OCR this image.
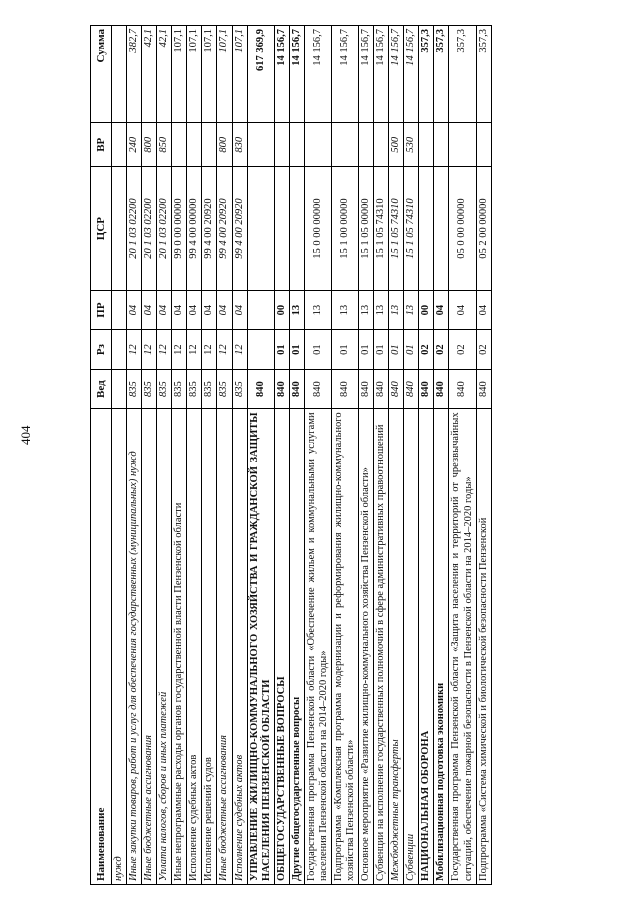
404
Наименование	Вед	Рз	ПР	ЦСР	ВР	Сумма
нужд						
Иные закупки товаров, работ и услуг для обеспечения государственных (муниципальных) нужд	835	12	04	20 1 03 02200	240	382,7
Иные бюджетные ассигнования	835	12	04	20 1 03 02200	800	42,1
Уплата налогов, сборов и иных платежей	835	12	04	20 1 03 02200	850	42,1
Иные непрограммные расходы органов государственной власти Пензенской области	835	12	04	99 0 00 00000		107,1
Исполнение судебных актов	835	12	04	99 4 00 00000		107,1
Исполнение решений судов	835	12	04	99 4 00 20920		107,1
Иные бюджетные ассигнования	835	12	04	99 4 00 20920	800	107,1
Исполнение судебных актов	835	12	04	99 4 00 20920	830	107,1
УПРАВЛЕНИЕ ЖИЛИЩНО-КОММУНАЛЬНОГО ХОЗЯЙСТВА И ГРАЖДАНСКОЙ ЗАЩИТЫ НАСЕЛЕНИЯ ПЕНЗЕНСКОЙ ОБЛАСТИ	840					617 369,9
ОБЩЕГОСУДАРСТВЕННЫЕ ВОПРОСЫ	840	01	00			14 156,7
Другие общегосударственные вопросы	840	01	13			14 156,7
Государственная программа Пензенской области «Обеспечение жильем и коммунальными услугами населения Пензенской области на 2014–2020 годы»	840	01	13	15 0 00 00000		14 156,7
Подпрограмма «Комплексная программа модернизации и реформирования жилищно-коммунального хозяйства Пензенской области»	840	01	13	15 1 00 00000		14 156,7
Основное мероприятие «Развитие жилищно-коммунального хозяйства Пензенской области»	840	01	13	15 1 05 00000		14 156,7
Субвенции на исполнение государственных полномочий в сфере административных правоотношений	840	01	13	15 1 05 74310		14 156,7
Межбюджетные трансферты	840	01	13	15 1 05 74310	500	14 156,7
Субвенции	840	01	13	15 1 05 74310	530	14 156,7
НАЦИОНАЛЬНАЯ ОБОРОНА	840	02	00			357,3
Мобилизационная подготовка экономики	840	02	04			357,3
Государственная программа Пензенской области «Защита населения и территорий от чрезвычайных ситуаций, обеспечение пожарной безопасности в Пензенской области на 2014–2020 годы»	840	02	04	05 0 00 00000		357,3
Подпрограмма «Система химической и биологической безопасности Пензенской	840	02	04	05 2 00 00000		357,3
